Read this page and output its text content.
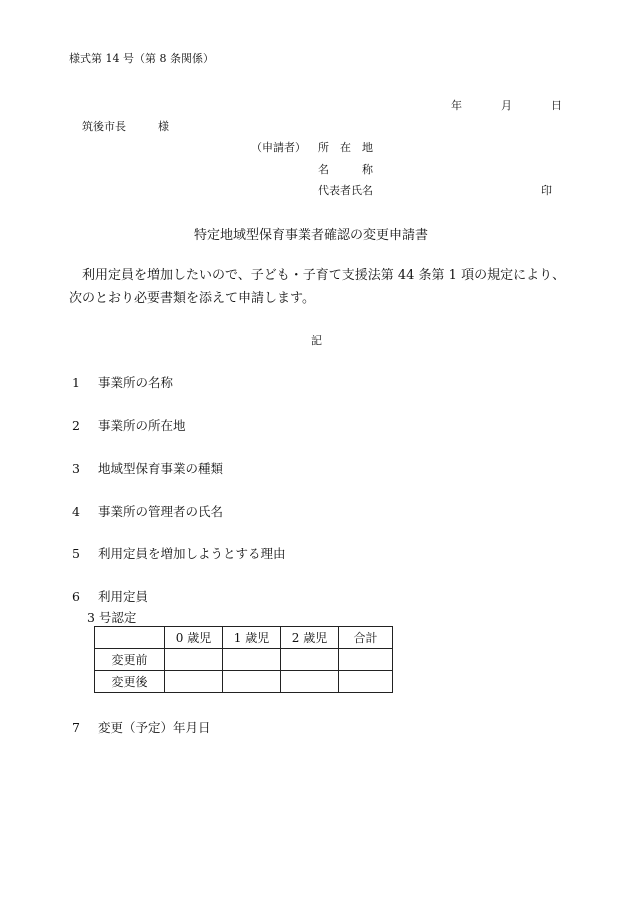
様式第 14 号（第 8 条関係）
年	月	日
筑後市長	様
（申請者） 所　在　地
名　　　称
代表者氏名	印
特定地域型保育事業者確認の変更申請書
利用定員を増加したいので、子ども・子育て支援法第 44 条第 1 項の規定により、次のとおり必要書類を添えて申請します。
記
1 事業所の名称
2 事業所の所在地
3 地域型保育事業の種類
4 事業所の管理者の氏名
5 利用定員を増加しようとする理由
6 利用定員
3 号認定
	0 歳児	1 歳児	2 歳児	合計
変更前				
変更後				
7 変更（予定）年月日
